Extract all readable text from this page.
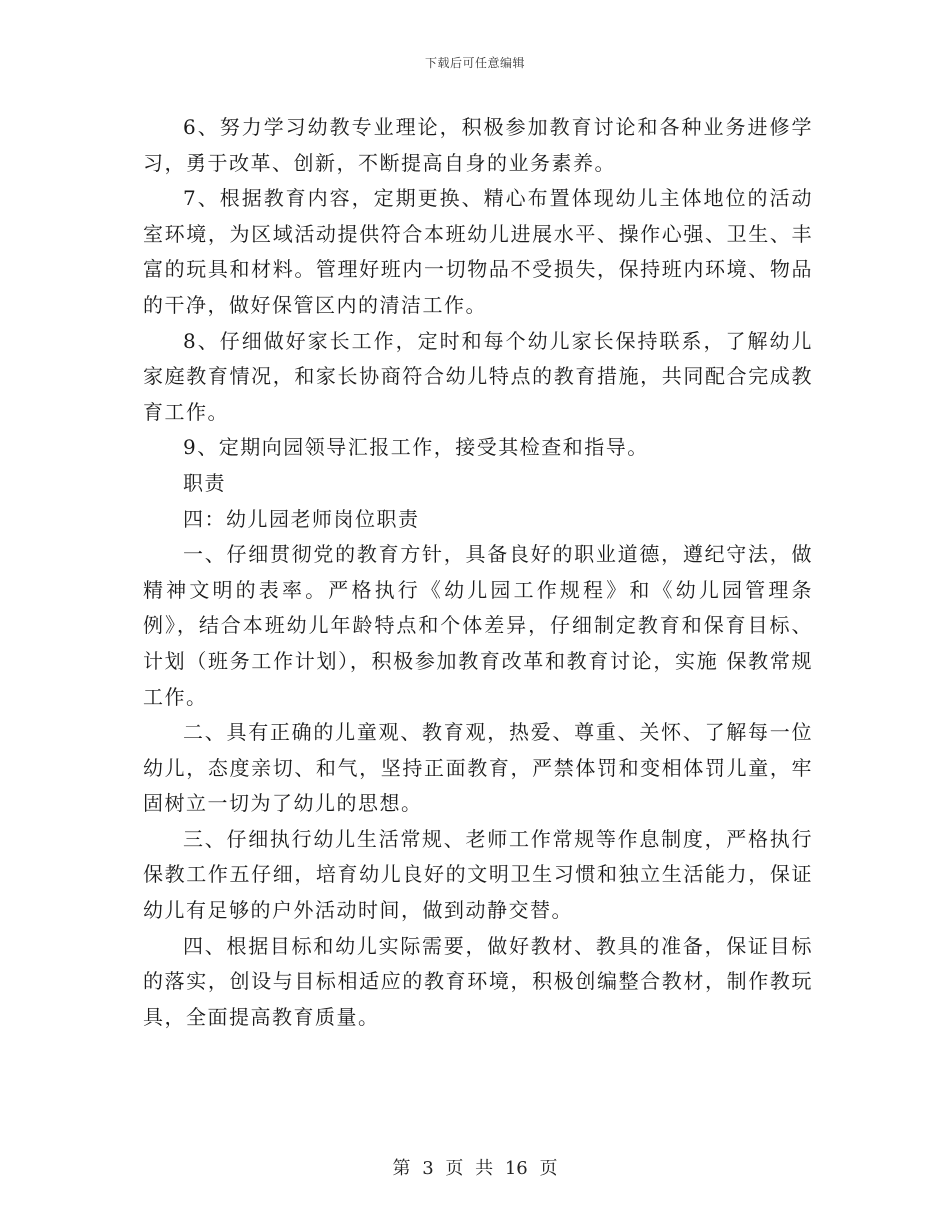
下载后可任意编辑

6、努力学习幼教专业理论，积极参加教育讨论和各种业务进修学习，勇于改革、创新，不断提高自身的业务素养。

7、根据教育内容，定期更换、精心布置体现幼儿主体地位的活动室环境，为区域活动提供符合本班幼儿进展水平、操作心强、卫生、丰富的玩具和材料。管理好班内一切物品不受损失，保持班内环境、物品的干净，做好保管区内的清洁工作。

8、仔细做好家长工作，定时和每个幼儿家长保持联系，了解幼儿家庭教育情况，和家长协商符合幼儿特点的教育措施，共同配合完成教育工作。

9、定期向园领导汇报工作，接受其检查和指导。

职责

四：幼儿园老师岗位职责

一、仔细贯彻党的教育方针，具备良好的职业道德，遵纪守法，做精神文明的表率。严格执行《幼儿园工作规程》和《幼儿园管理条例》，结合本班幼儿年龄特点和个体差异，仔细制定教育和保育目标、计划（班务工作计划），积极参加教育改革和教育讨论，实施 保教常规 工作。

二、具有正确的儿童观、教育观，热爱、尊重、关怀、了解每一位幼儿，态度亲切、和气，坚持正面教育，严禁体罚和变相体罚儿童，牢固树立一切为了幼儿的思想。

三、仔细执行幼儿生活常规、老师工作常规等作息制度，严格执行保教工作五仔细，培育幼儿良好的文明卫生习惯和独立生活能力，保证幼儿有足够的户外活动时间，做到动静交替。

四、根据目标和幼儿实际需要，做好教材、教具的准备，保证目标的落实，创设与目标相适应的教育环境，积极创编整合教材，制作教玩具，全面提高教育质量。

第 3 页 共 16 页
